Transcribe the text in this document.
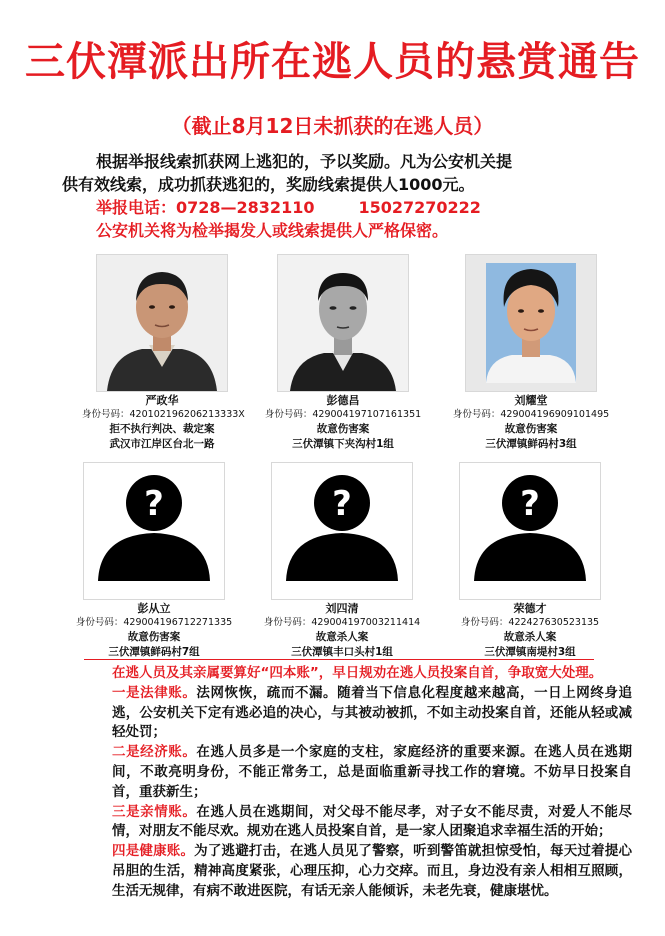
三伏潭派出所在逃人员的悬赏通告
（截止8月12日未抓获的在逃人员）
根据举报线索抓获网上逃犯的，予以奖励。凡为公安机关提
供有效线索，成功抓获逃犯的，奖励线索提供人1000元。
举报电话：0728—2832110	15027270222
公安机关将为检举揭发人或线索提供人严格保密。
严政华
身份号码：420102196206213333X
拒不执行判决、裁定案
武汉市江岸区台北一路
彭德昌
身份号码：429004197107161351
故意伤害案
三伏潭镇下夹沟村1组
刘耀堂
身份号码：429004196909101495
故意伤害案
三伏潭镇鲜码村3组
?
彭从立
身份号码：429004196712271335
故意伤害案
三伏潭镇鲜码村7组
?
刘四清
身份号码：429004197003211414
故意杀人案
三伏潭镇丰口头村1组
?
荣德才
身份号码：422427630523135
故意杀人案
三伏潭镇南堤村3组

在逃人员及其亲属要算好“四本账”，早日规劝在逃人员投案自首，争取宽大处理。

一是法律账。法网恢恢，疏而不漏。随着当下信息化程度越来越高，一日上网终身追逃，公安机关下定有逃必追的决心，与其被动被抓，不如主动投案自首，还能从轻或减轻处罚；

二是经济账。在逃人员多是一个家庭的支柱，家庭经济的重要来源。在逃人员在逃期间，不敢亮明身份，不能正常务工，总是面临重新寻找工作的窘境。不妨早日投案自首，重获新生；

三是亲情账。在逃人员在逃期间，对父母不能尽孝，对子女不能尽责，对爱人不能尽情，对朋友不能尽欢。规劝在逃人员投案自首，是一家人团聚追求幸福生活的开始；

四是健康账。为了逃避打击，在逃人员见了警察，听到警笛就担惊受怕，每天过着提心吊胆的生活，精神高度紧张，心理压抑，心力交瘁。而且，身边没有亲人相相互照顾，生活无规律，有病不敢进医院，有话无亲人能倾诉，未老先衰，健康堪忧。
